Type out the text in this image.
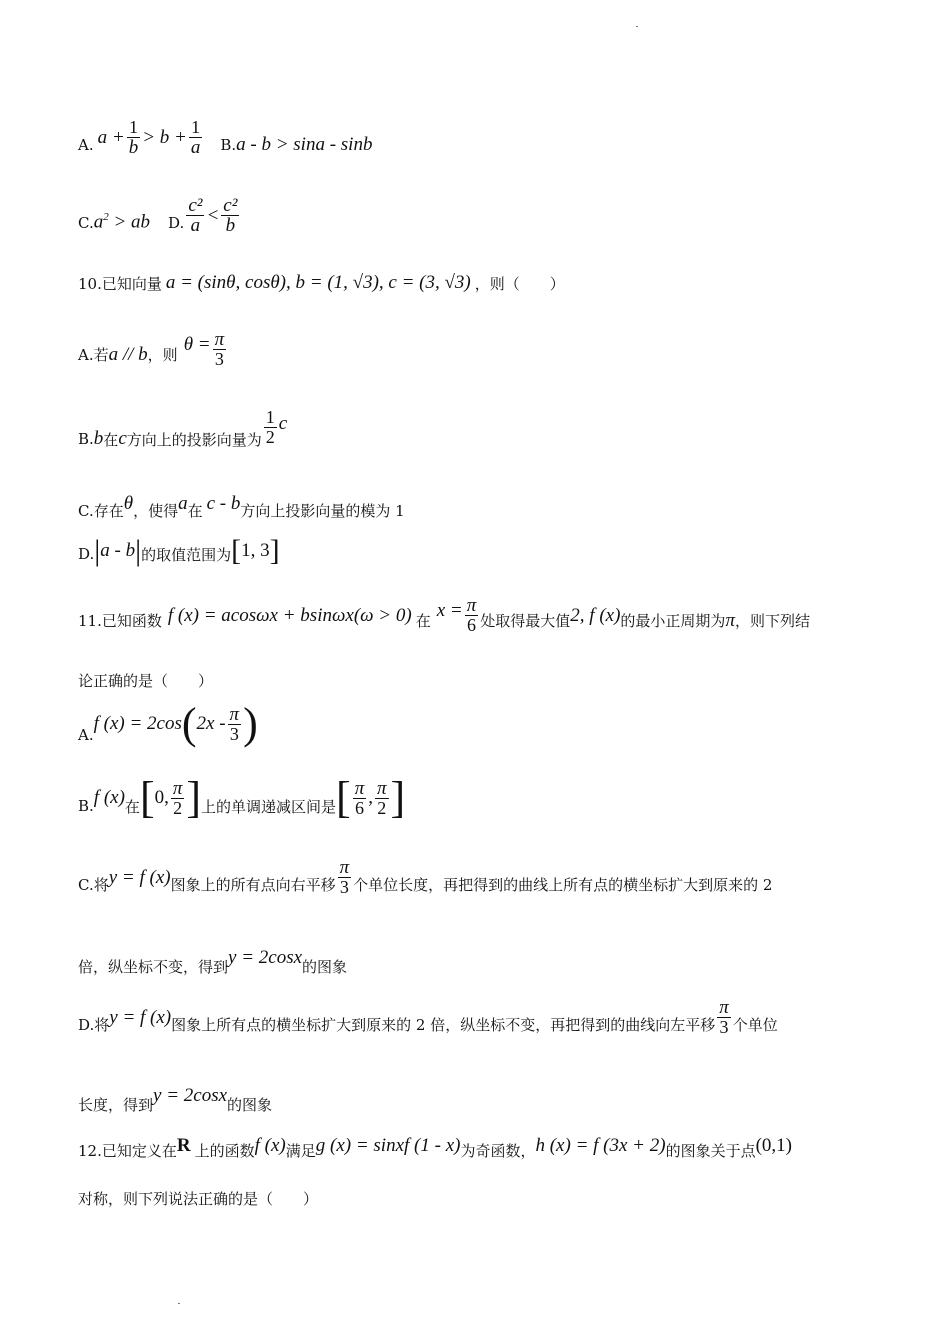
A. $a + \frac{1}{b} > b + \frac{1}{a} B$. a - b > sina - sinb
C. $a^2$ > ab D. $\frac{\text{c²}}{a} < \frac{\text{c²}}{b}$
10.已知向量 a = (sinθ, cosθ), b = (1, √3), c = (3, √3) ，则（　　）
A.若 a // b ，则
$\theta = \frac{\pi}{3}$
B. b 在 c 方向上的投影向量为 $\frac{1}{2}$ c
C.存在 θ ，使得 a 在 c - b 方向上投影向量的模为 1
D. | a - b | 的取值范围为 [ 1, 3 ]
11.已知函数 f (x) = acosωx + bsinωx(ω > 0) 在
$x = \frac{\pi}{6}$ 处取得最大值 2, f (x) 的最小正周期为 π ，则下列结
论正确的是（　　）
A.
f (x) = 2cos ( $2x - \frac{\pi}{3}$ )
B. f (x) 在 [ 0, $\frac{\pi}{2}$ ] 上的单调递减区间是 [ $\frac{\pi}{6}$ , $\frac{\pi}{2}$ ]
C.将 y = f (x) 图象上的所有点向右平移 $\frac{\pi}{3}$ 个单位长度，再把得到的曲线上所有点的横坐标扩大到原来的 2
倍，纵坐标不变，得到 y = 2cosx 的图象
D.将 y = f (x) 图象上所有点的横坐标扩大到原来的 2 倍，纵坐标不变，再把得到的曲线向左平移 $\frac{\pi}{3}$ 个单位
长度，得到 y = 2cosx 的图象
12.已知定义在 R 上的函数 f (x) 满足 g (x) = sinxf (1 - x) 为奇函数， h (x) = f (3x + 2) 的图象关于点 (0,1)
对称，则下列说法正确的是（　　）
